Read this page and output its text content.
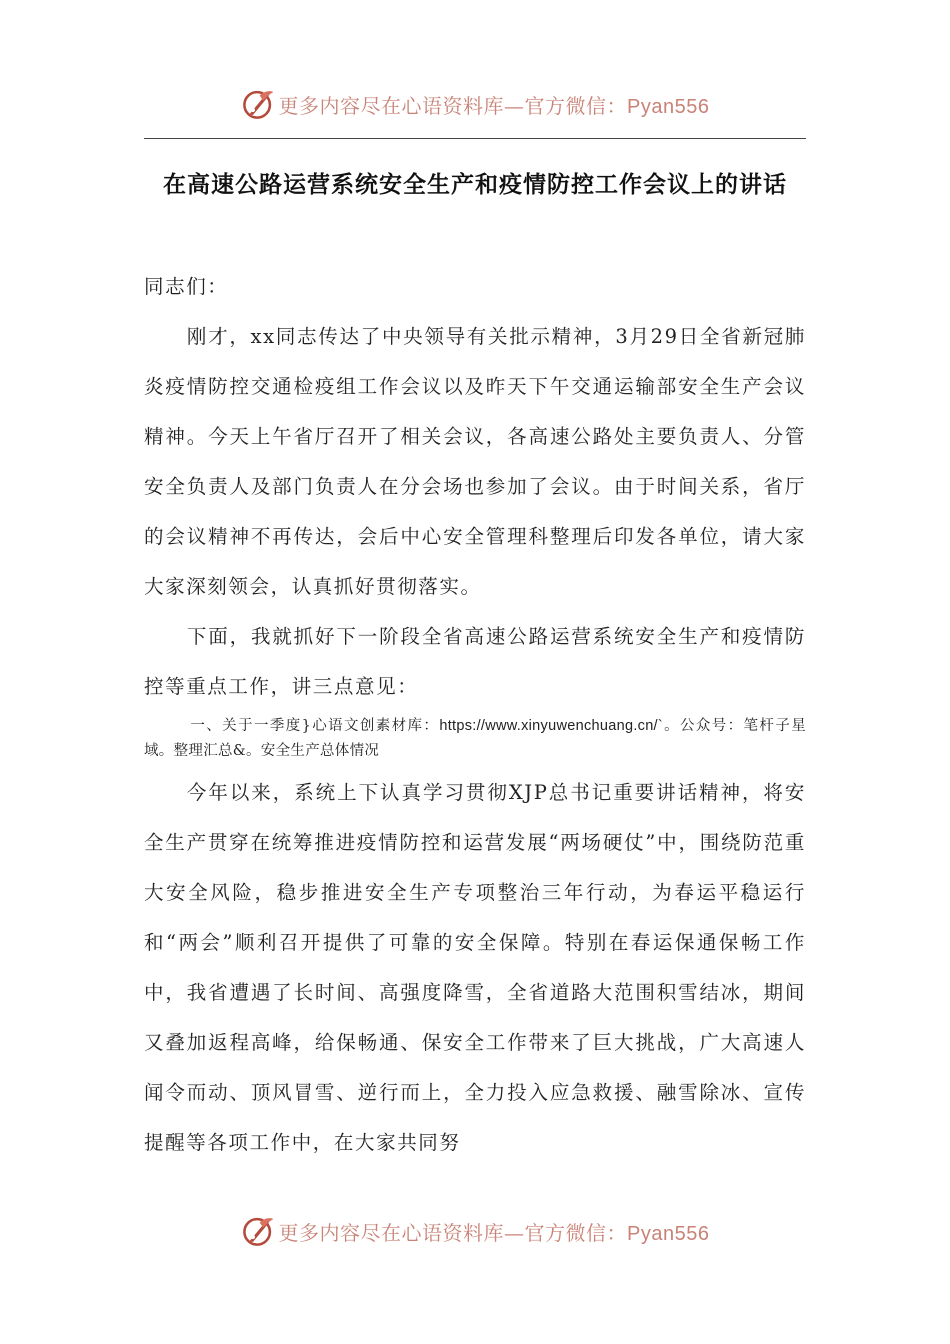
更多内容尽在心语资料库—官方微信：Pyan556
在高速公路运营系统安全生产和疫情防控工作会议上的讲话

同志们：

刚才，xx同志传达了中央领导有关批示精神，3月29日全省新冠肺炎疫情防控交通检疫组工作会议以及昨天下午交通运输部安全生产会议精神。今天上午省厅召开了相关会议，各高速公路处主要负责人、分管安全负责人及部门负责人在分会场也参加了会议。由于时间关系，省厅的会议精神不再传达，会后中心安全管理科整理后印发各单位，请大家大家深刻领会，认真抓好贯彻落实。

下面，我就抓好下一阶段全省高速公路运营系统安全生产和疫情防控等重点工作，讲三点意见：

一、关于一季度}心语文创素材库：https://www.xinyuwenchuang.cn/`。公众号：笔杆子星域。整理汇总&。安全生产总体情况

今年以来，系统上下认真学习贯彻XJP总书记重要讲话精神，将安全生产贯穿在统筹推进疫情防控和运营发展“两场硬仗”中，围绕防范重大安全风险，稳步推进安全生产专项整治三年行动，为春运平稳运行和“两会”顺利召开提供了可靠的安全保障。特别在春运保通保畅工作中，我省遭遇了长时间、高强度降雪，全省道路大范围积雪结冰，期间又叠加返程高峰，给保畅通、保安全工作带来了巨大挑战，广大高速人闻令而动、顶风冒雪、逆行而上，全力投入应急救援、融雪除冰、宣传提醒等各项工作中，在大家共同努

更多内容尽在心语资料库—官方微信：Pyan556
